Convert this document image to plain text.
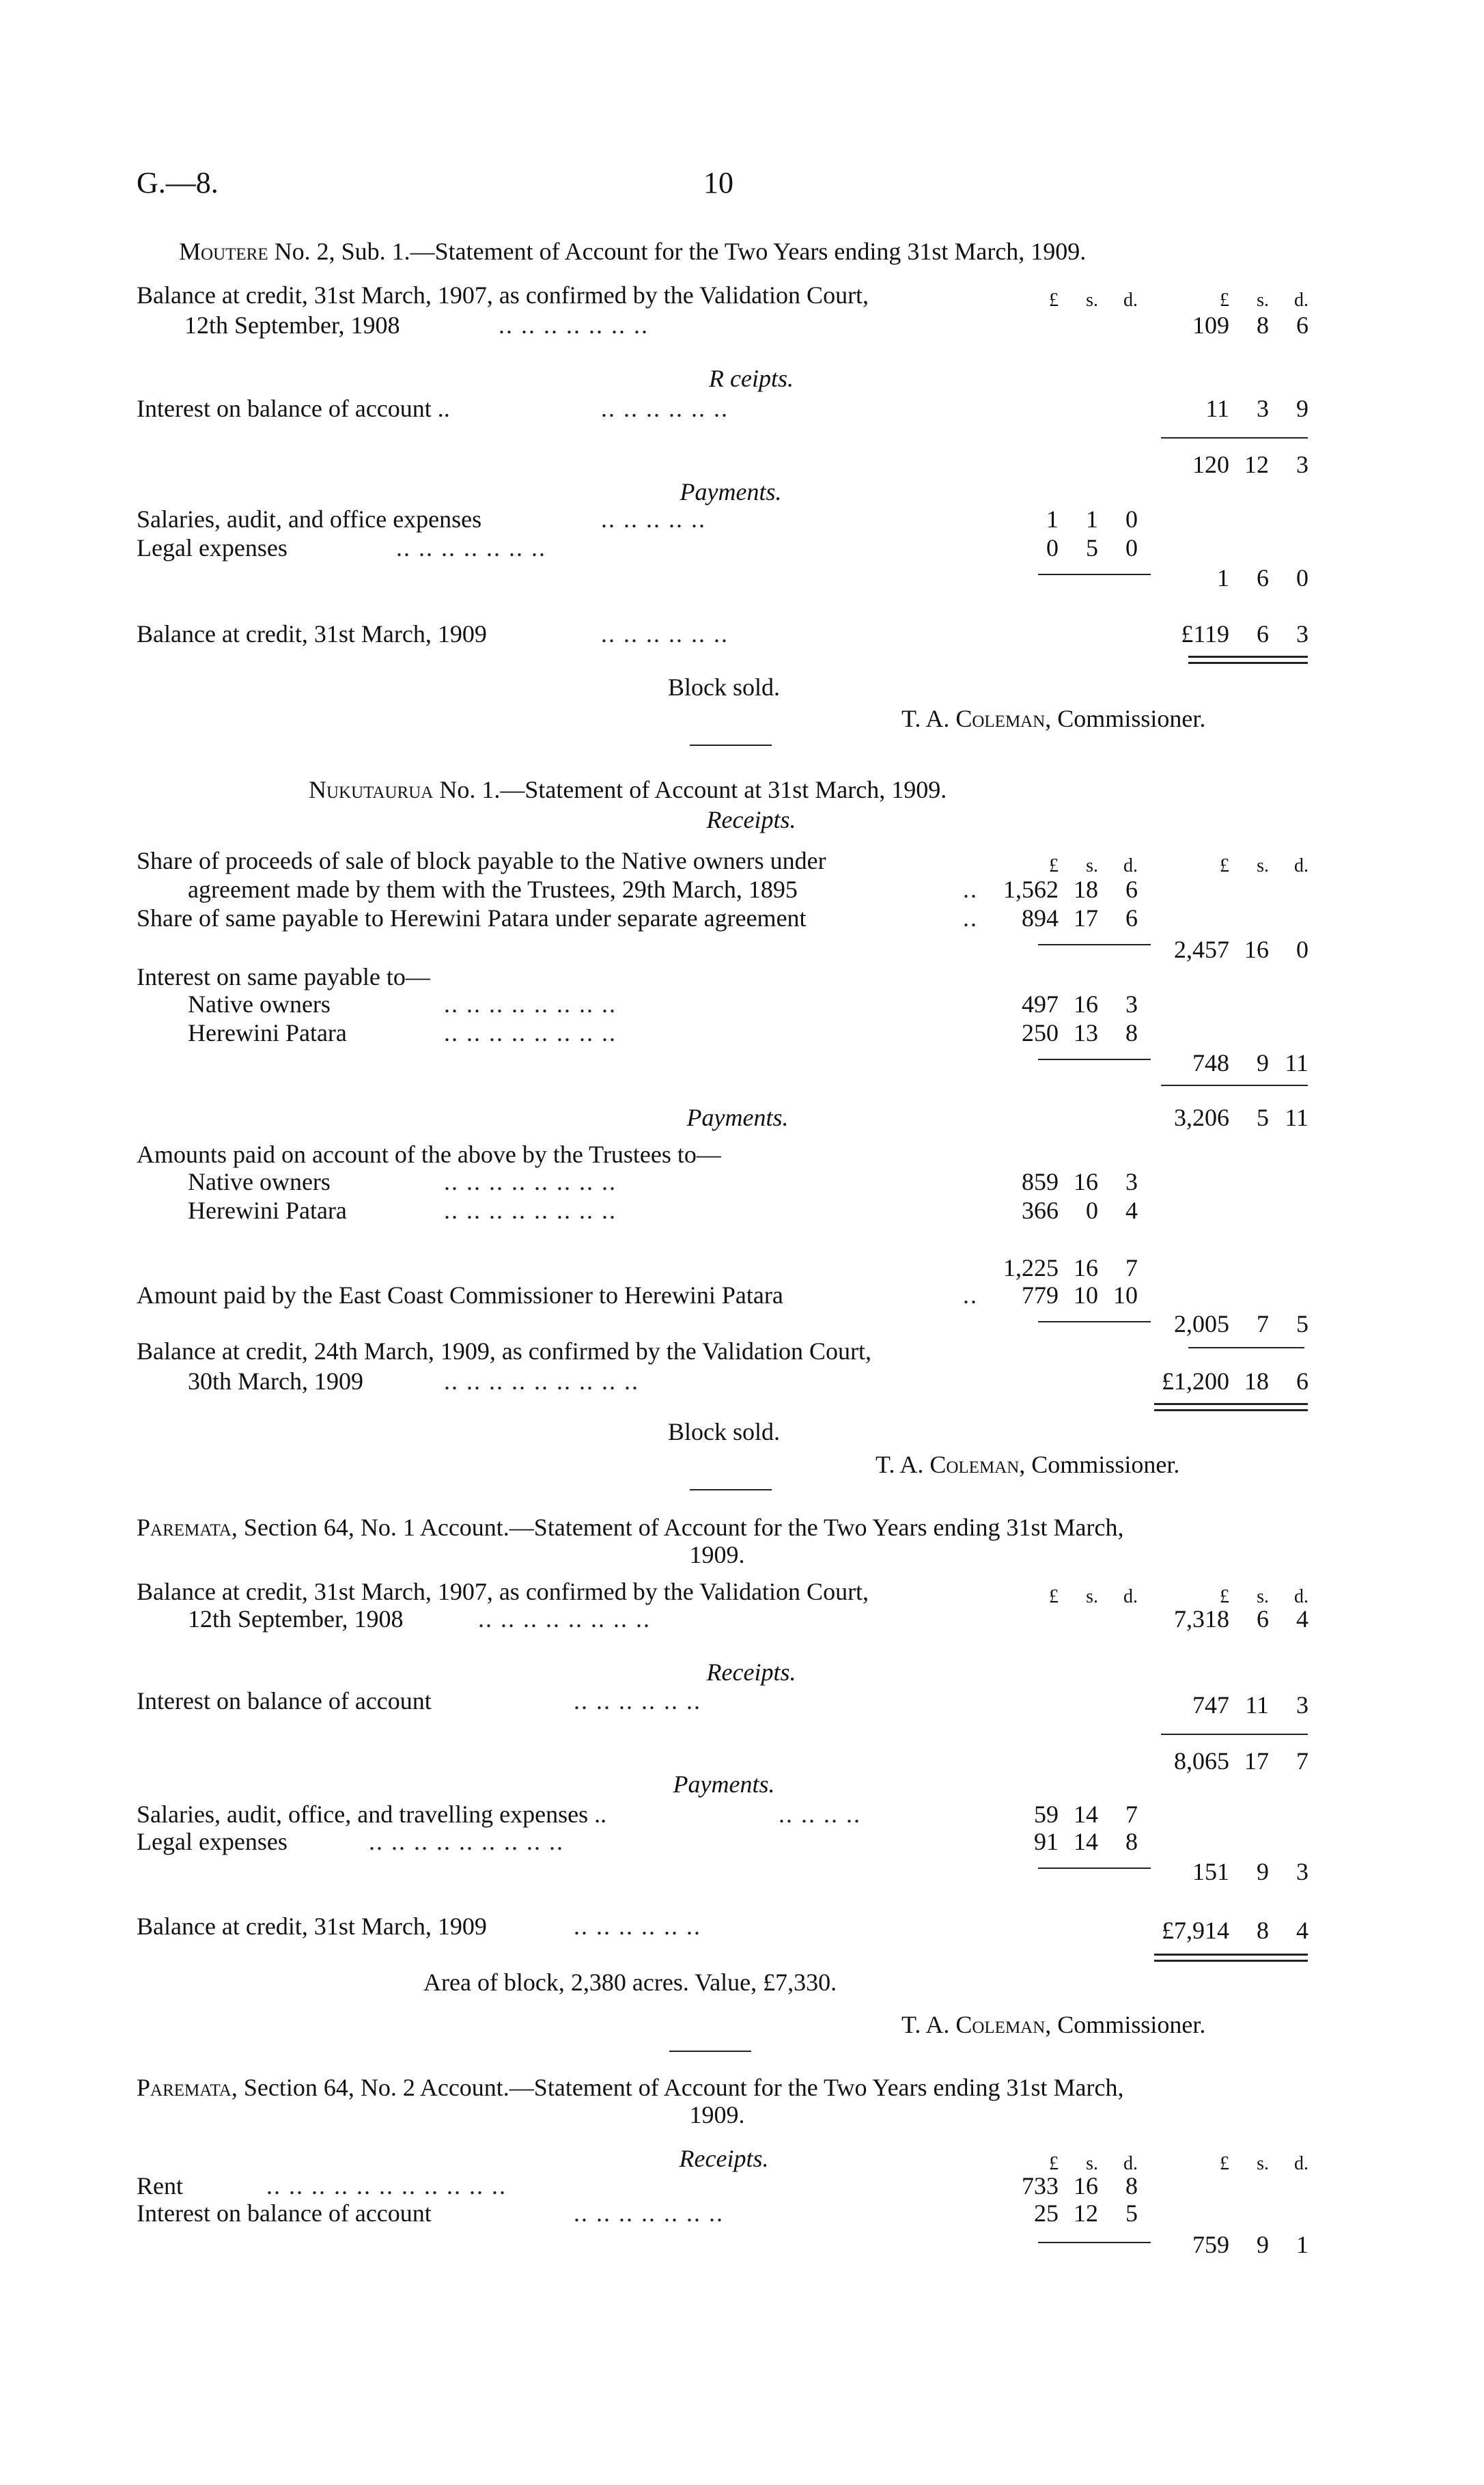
G.—8.	10
Moutere No. 2, Sub. 1.—Statement of Account for the Two Years ending 31st March, 1909.
Balance at credit, 31st March, 1907, as confirmed by the Validation Court,	£ s. d.	£ s. d.
12th September, 1908	.. .. .. .. .. .. ..	109 8 6
R ceipts.
Interest on balance of account ..	.. .. .. .. .. ..	11 3 9
120 12 3
Payments.
Salaries, audit, and office expenses	.. .. .. .. ..	1 1 0
Legal expenses	.. .. .. .. .. .. ..	0 5 0
1 6 0
Balance at credit, 31st March, 1909	.. .. .. .. .. ..	£119 6 3
Block sold.
T. A. Coleman, Commissioner.
Nukutaurua No. 1.—Statement of Account at 31st March, 1909.
Receipts.
Share of proceeds of sale of block payable to the Native owners under	£ s. d.	£ s. d.
agreement made by them with the Trustees, 29th March, 1895	..	1,562 18 6
Share of same payable to Herewini Patara under separate agreement	..	894 17 6
2,457 16 0
Interest on same payable to—
Native owners	.. .. .. .. .. .. .. ..	497 16 3
Herewini Patara	.. .. .. .. .. .. .. ..	250 13 8
748 9 11
Payments.	3,206 5 11
Amounts paid on account of the above by the Trustees to—
Native owners	.. .. .. .. .. .. .. ..	859 16 3
Herewini Patara	.. .. .. .. .. .. .. ..	366 0 4
1,225 16 7
Amount paid by the East Coast Commissioner to Herewini Patara	..	779 10 10
2,005 7 5
Balance at credit, 24th March, 1909, as confirmed by the Validation Court,
30th March, 1909	.. .. .. .. .. .. .. .. ..	£1,200 18 6
Block sold.
T. A. Coleman, Commissioner.
Paremata, Section 64, No. 1 Account.—Statement of Account for the Two Years ending 31st March,
1909.
Balance at credit, 31st March, 1907, as confirmed by the Validation Court,	£ s. d.	£ s. d.
12th September, 1908	.. .. .. .. .. .. .. ..	7,318 6 4
Receipts.
Interest on balance of account	.. .. .. .. .. ..	747 11 3
8,065 17 7
Payments.
Salaries, audit, office, and travelling expenses ..	.. .. .. ..	59 14 7
Legal expenses	.. .. .. .. .. .. .. .. ..	91 14 8
151 9 3
Balance at credit, 31st March, 1909	.. .. .. .. .. ..	£7,914 8 4
Area of block, 2,380 acres. Value, £7,330.
T. A. Coleman, Commissioner.
Paremata, Section 64, No. 2 Account.—Statement of Account for the Two Years ending 31st March,
1909.
Receipts.	£ s. d.	£ s. d.
Rent	.. .. .. .. .. .. .. .. .. .. ..	733 16 8
Interest on balance of account	.. .. .. .. .. .. ..	25 12 5
759 9 1
